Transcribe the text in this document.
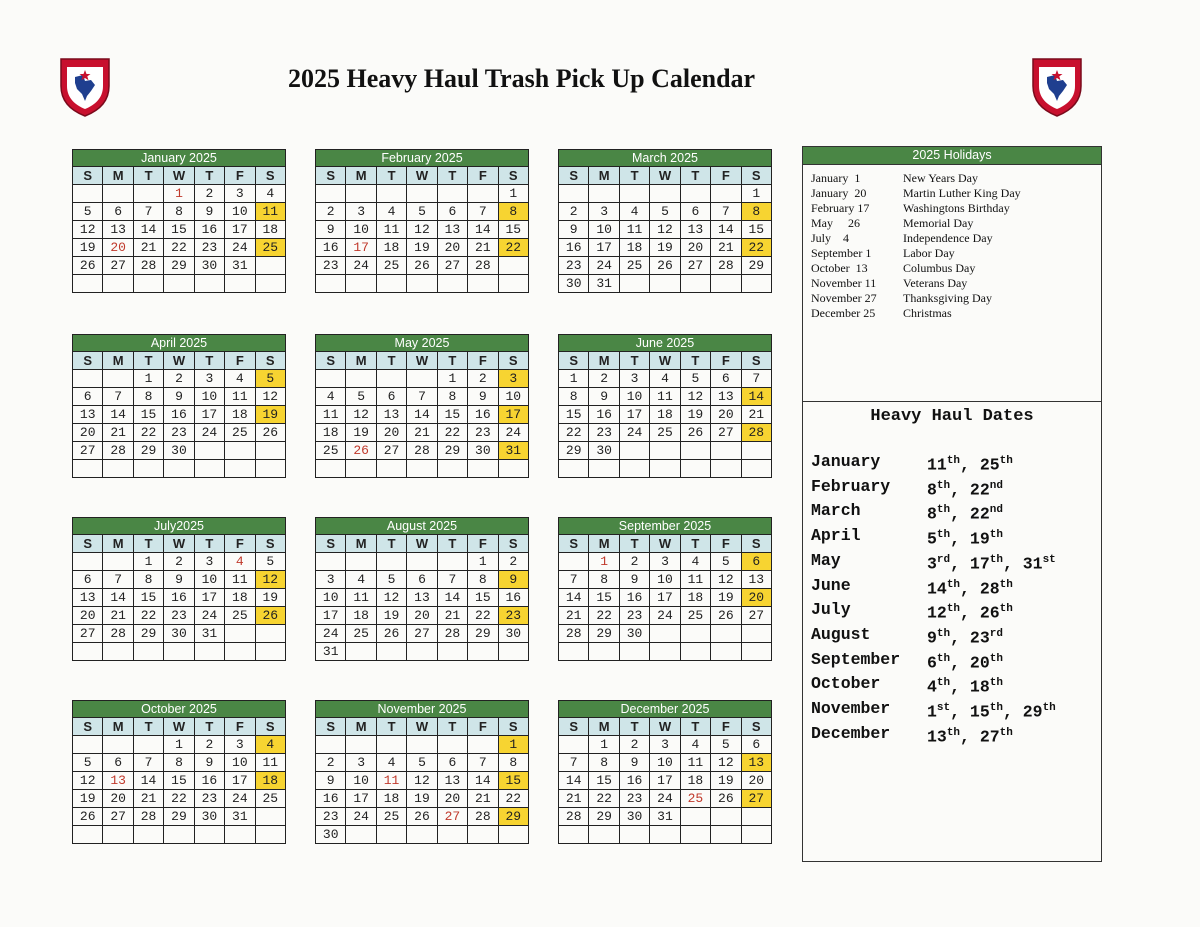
2025 Heavy Haul Trash Pick Up Calendar
January 2025						
S	M	T	W	T	F	S
			1	2	3	4
5	6	7	8	9	10	11
12	13	14	15	16	17	18
19	20	21	22	23	24	25
26	27	28	29	30	31	

February 2025						
S	M	T	W	T	F	S
						1
2	3	4	5	6	7	8
9	10	11	12	13	14	15
16	17	18	19	20	21	22
23	24	25	26	27	28	

March 2025						
S	M	T	W	T	F	S
						1
2	3	4	5	6	7	8
9	10	11	12	13	14	15
16	17	18	19	20	21	22
23	24	25	26	27	28	29
30	31					
April 2025						
S	M	T	W	T	F	S
		1	2	3	4	5
6	7	8	9	10	11	12
13	14	15	16	17	18	19
20	21	22	23	24	25	26
27	28	29	30			

May 2025						
S	M	T	W	T	F	S
				1	2	3
4	5	6	7	8	9	10
11	12	13	14	15	16	17
18	19	20	21	22	23	24
25	26	27	28	29	30	31

June 2025						
S	M	T	W	T	F	S
1	2	3	4	5	6	7
8	9	10	11	12	13	14
15	16	17	18	19	20	21
22	23	24	25	26	27	28
29	30					

July2025						
S	M	T	W	T	F	S
		1	2	3	4	5
6	7	8	9	10	11	12
13	14	15	16	17	18	19
20	21	22	23	24	25	26
27	28	29	30	31		

August 2025						
S	M	T	W	T	F	S
					1	2
3	4	5	6	7	8	9
10	11	12	13	14	15	16
17	18	19	20	21	22	23
24	25	26	27	28	29	30
31						
September 2025						
S	M	T	W	T	F	S
	1	2	3	4	5	6
7	8	9	10	11	12	13
14	15	16	17	18	19	20
21	22	23	24	25	26	27
28	29	30				

October 2025						
S	M	T	W	T	F	S
			1	2	3	4
5	6	7	8	9	10	11
12	13	14	15	16	17	18
19	20	21	22	23	24	25
26	27	28	29	30	31	

November 2025						
S	M	T	W	T	F	S
						1
2	3	4	5	6	7	8
9	10	11	12	13	14	15
16	17	18	19	20	21	22
23	24	25	26	27	28	29
30						
December 2025						
S	M	T	W	T	F	S
	1	2	3	4	5	6
7	8	9	10	11	12	13
14	15	16	17	18	19	20
21	22	23	24	25	26	27
28	29	30	31			

2025 Holidays
January  1	New Years Day
January  20	Martin Luther King Day
February 17	Washingtons Birthday
May     26	Memorial Day
July    4	Independence Day
September 1	Labor Day
October  13	Columbus Day
November 11	Veterans Day
November 27	Thanksgiving Day
December 25	Christmas
Heavy Haul Dates
January	11th, 25th
February	8th, 22nd
March	8th, 22nd
April	5th, 19th
May	3rd, 17th, 31st
June	14th, 28th
July	12th, 26th
August	9th, 23rd
September	6th, 20th
October	4th, 18th
November	1st, 15th, 29th
December	13th, 27th
